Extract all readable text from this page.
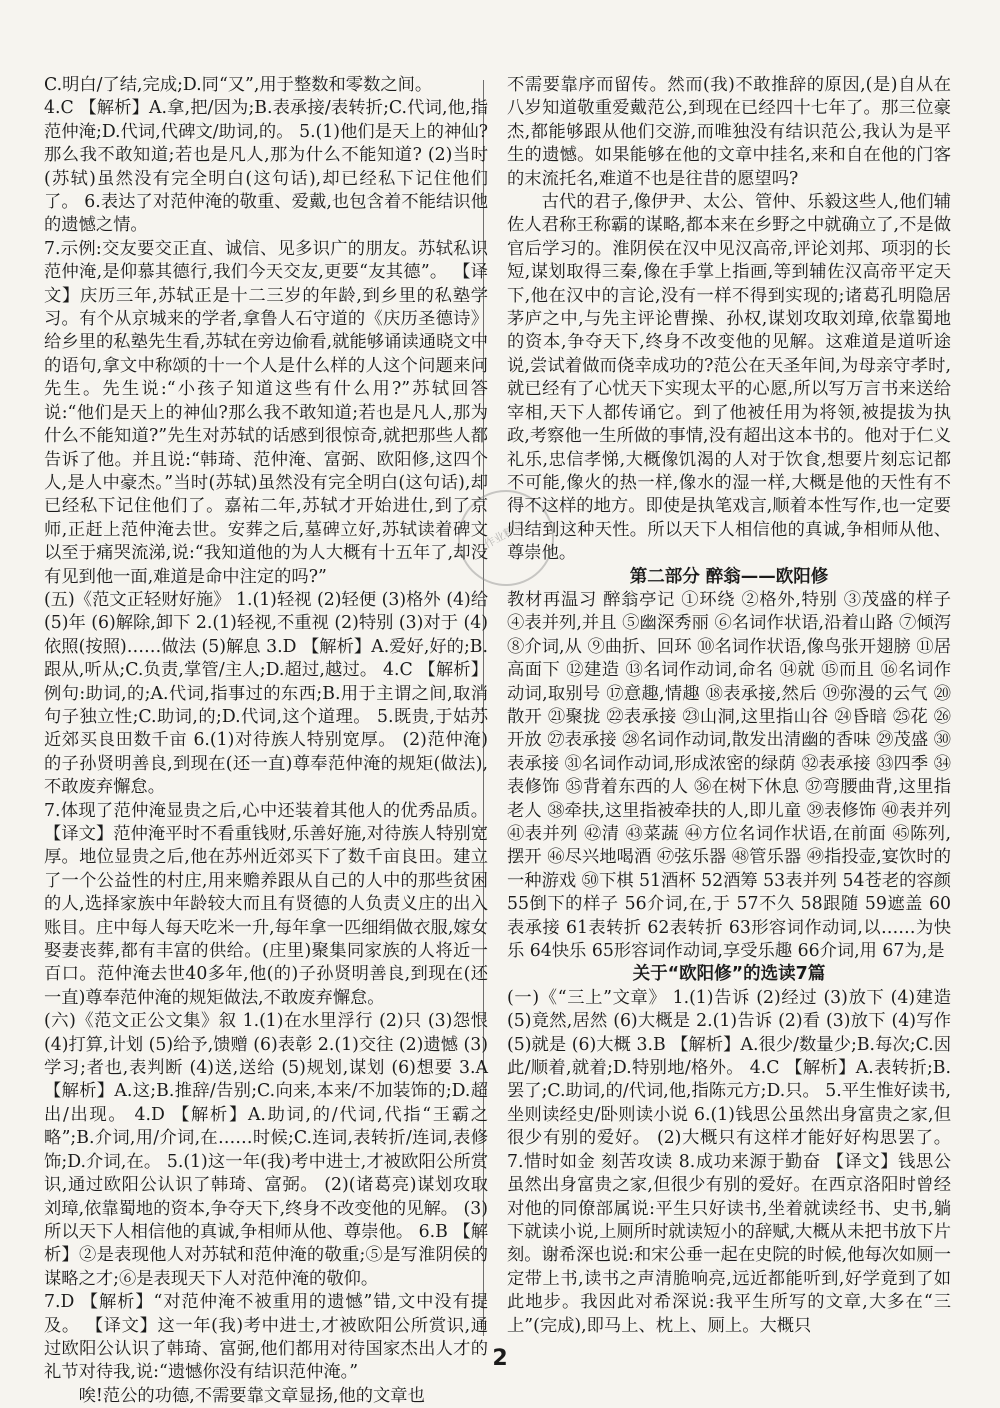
作业精灵

C.明白/了结,完成;D.同“又”,用于整数和零数之间。

4.C 【解析】A.拿,把/因为;B.表承接/表转折;C.代词,他,指范仲淹;D.代词,代碑文/助词,的。 5.(1)他们是天上的神仙?那么我不敢知道;若也是凡人,那为什么不能知道? (2)当时(苏轼)虽然没有完全明白(这句话),却已经私下记住他们了。 6.表达了对范仲淹的敬重、爱戴,也包含着不能结识他的遗憾之情。

7.示例:交友要交正直、诚信、见多识广的朋友。苏轼私识范仲淹,是仰慕其德行,我们今天交友,更要“友其德”。 【译文】庆历三年,苏轼正是十二三岁的年龄,到乡里的私塾学习。有个从京城来的学者,拿鲁人石守道的《庆历圣德诗》给乡里的私塾先生看,苏轼在旁边偷看,就能够诵读通晓文中的语句,拿文中称颂的十一个人是什么样的人这个问题来问先生。先生说:“小孩子知道这些有什么用?”苏轼回答说:“他们是天上的神仙?那么我不敢知道;若也是凡人,那为什么不能知道?”先生对苏轼的话感到很惊奇,就把那些人都告诉了他。并且说:“韩琦、范仲淹、富弼、欧阳修,这四个人,是人中豪杰。”当时(苏轼)虽然没有完全明白(这句话),却已经私下记住他们了。嘉祐二年,苏轼才开始进仕,到了京师,正赶上范仲淹去世。安葬之后,墓碑立好,苏轼读着碑文以至于痛哭流涕,说:“我知道他的为人大概有十五年了,却没有见到他一面,难道是命中注定的吗?”

(五)《范文正轻财好施》 1.(1)轻视 (2)轻便 (3)格外 (4)给 (5)年 (6)解除,卸下 2.(1)轻视,不重视 (2)特别 (3)对于 (4)依照(按照)……做法 (5)解息 3.D 【解析】A.爱好,好的;B.跟从,听从;C.负责,掌管/主人;D.超过,越过。 4.C 【解析】例句:助词,的;A.代词,指事过的东西;B.用于主谓之间,取消句子独立性;C.助词,的;D.代词,这个道理。 5.既贵,于姑苏近郊买良田数千亩 6.(1)对待族人特别宽厚。 (2)范仲淹)的子孙贤明善良,到现在(还一直)尊奉范仲淹的规矩(做法),不敢废弃懈怠。

7.体现了范仲淹显贵之后,心中还装着其他人的优秀品质。 【译文】范仲淹平时不看重钱财,乐善好施,对待族人特别宽厚。地位显贵之后,他在苏州近郊买下了数千亩良田。建立了一个公益性的村庄,用来赡养跟从自己的人中的那些贫困的人,选择家族中年龄较大而且有贤德的人负责义庄的出入账目。庄中每人每天吃米一升,每年拿一匹细绢做衣服,嫁女娶妻丧葬,都有丰富的供给。(庄里)聚集同家族的人将近一百口。范仲淹去世40多年,他(的)子孙贤明善良,到现在(还一直)尊奉范仲淹的规矩做法,不敢废弃懈怠。

(六)《范文正公文集》叙 1.(1)在水里浮行 (2)只 (3)怨恨 (4)打算,计划 (5)给予,馈赠 (6)表彰 2.(1)交往 (2)遗憾 (3)学习;者也,表判断 (4)送,送给 (5)规划,谋划 (6)想要 3.A 【解析】A.这;B.推辞/告别;C.向来,本来/不加装饰的;D.超出/出现。 4.D 【解析】A.助词,的/代词,代指“王霸之略”;B.介词,用/介词,在……时候;C.连词,表转折/连词,表修饰;D.介词,在。 5.(1)这一年(我)考中进士,才被欧阳公所赏识,通过欧阳公认识了韩琦、富弼。 (2)(诸葛亮)谋划攻取刘璋,依靠蜀地的资本,争夺天下,终身不改变他的见解。 (3)所以天下人相信他的真诚,争相师从他、尊崇他。 6.B 【解析】②是表现他人对苏轼和范仲淹的敬重;⑤是写淮阴侯的谋略之才;⑥是表现天下人对范仲淹的敬仰。

7.D 【解析】“对范仲淹不被重用的遗憾”错,文中没有提及。 【译文】这一年(我)考中进士,才被欧阳公所赏识,通过欧阳公认识了韩琦、富弼,他们都用对待国家杰出人才的礼节对待我,说:“遗憾你没有结识范仲淹。”

唉!范公的功德,不需要靠文章显扬,他的文章也

不需要靠序而留传。然而(我)不敢推辞的原因,(是)自从在八岁知道敬重爱戴范公,到现在已经四十七年了。那三位豪杰,都能够跟从他们交游,而唯独没有结识范公,我认为是平生的遗憾。如果能够在他的文章中挂名,来和自在他的门客的末流托名,难道不也是往昔的愿望吗?

古代的君子,像伊尹、太公、管仲、乐毅这些人,他们辅佐人君称王称霸的谋略,都本来在乡野之中就确立了,不是做官后学习的。淮阴侯在汉中见汉高帝,评论刘邦、项羽的长短,谋划取得三秦,像在手掌上指画,等到辅佐汉高帝平定天下,他在汉中的言论,没有一样不得到实现的;诸葛孔明隐居茅庐之中,与先主评论曹操、孙权,谋划攻取刘璋,依靠蜀地的资本,争夺天下,终身不改变他的见解。这难道是道听途说,尝试着做而侥幸成功的?范公在天圣年间,为母亲守孝时,就已经有了心忧天下实现太平的心愿,所以写万言书来送给宰相,天下人都传诵它。到了他被任用为将领,被提拔为执政,考察他一生所做的事情,没有超出这本书的。他对于仁义礼乐,忠信孝悌,大概像饥渴的人对于饮食,想要片刻忘记都不可能,像火的热一样,像水的湿一样,大概是他的天性有不得不这样的地方。即使是执笔戏言,顺着本性写作,也一定要归结到这种天性。所以天下人相信他的真诚,争相师从他、尊崇他。

第二部分 醉翁——欧阳修

教材再温习 醉翁亭记 ①环绕 ②格外,特别 ③茂盛的样子 ④表并列,并且 ⑤幽深秀丽 ⑥名词作状语,沿着山路 ⑦倾泻 ⑧介词,从 ⑨曲折、回环 ⑩名词作状语,像鸟张开翅膀 ⑪居高面下 ⑫建造 ⑬名词作动词,命名 ⑭就 ⑮而且 ⑯名词作动词,取别号 ⑰意趣,情趣 ⑱表承接,然后 ⑲弥漫的云气 ⑳散开 ㉑聚拢 ㉒表承接 ㉓山洞,这里指山谷 ㉔昏暗 ㉕花 ㉖开放 ㉗表承接 ㉘名词作动词,散发出清幽的香味 ㉙茂盛 ㉚表承接 ㉛名词作动词,形成浓密的绿荫 ㉜表承接 ㉝四季 ㉞表修饰 ㉟背着东西的人 ㊱在树下休息 ㊲弯腰曲背,这里指老人 ㊳牵扶,这里指被牵扶的人,即儿童 ㊴表修饰 ㊵表并列 ㊶表并列 ㊷清 ㊸菜蔬 ㊹方位名词作状语,在前面 ㊺陈列,摆开 ㊻尽兴地喝酒 ㊼弦乐器 ㊽管乐器 ㊾指投壶,宴饮时的一种游戏 ㊿下棋 51酒杯 52酒筹 53表并列 54苍老的容颜 55倒下的样子 56介词,在,于 57不久 58跟随 59遮盖 60表承接 61表转折 62表转折 63形容词作动词,以……为快乐 64快乐 65形容词作动词,享受乐趣 66介词,用 67为,是

关于“欧阳修”的选读7篇

(一)《“三上”文章》 1.(1)告诉 (2)经过 (3)放下 (4)建造 (5)竟然,居然 (6)大概是 2.(1)告诉 (2)看 (3)放下 (4)写作 (5)就是 (6)大概 3.B 【解析】A.很少/数量少;B.每次;C.因此/顺着,就着;D.特别地/格外。 4.C 【解析】A.表转折;B.罢了;C.助词,的/代词,他,指陈元方;D.只。 5.平生惟好读书,坐则读经史/卧则读小说 6.(1)钱思公虽然出身富贵之家,但很少有别的爱好。 (2)大概只有这样才能好好构思罢了。 7.惜时如金 刻苦攻读 8.成功来源于勤奋 【译文】钱思公虽然出身富贵之家,但很少有别的爱好。在西京洛阳时曾经对他的同僚部属说:平生只好读书,坐着就读经书、史书,躺下就读小说,上厕所时就读短小的辞赋,大概从未把书放下片刻。谢希深也说:和宋公垂一起在史院的时候,他每次如厕一定带上书,读书之声清脆响亮,远近都能听到,好学竟到了如此地步。我因此对希深说:我平生所写的文章,大多在“三上”(完成),即马上、枕上、厕上。大概只

2
